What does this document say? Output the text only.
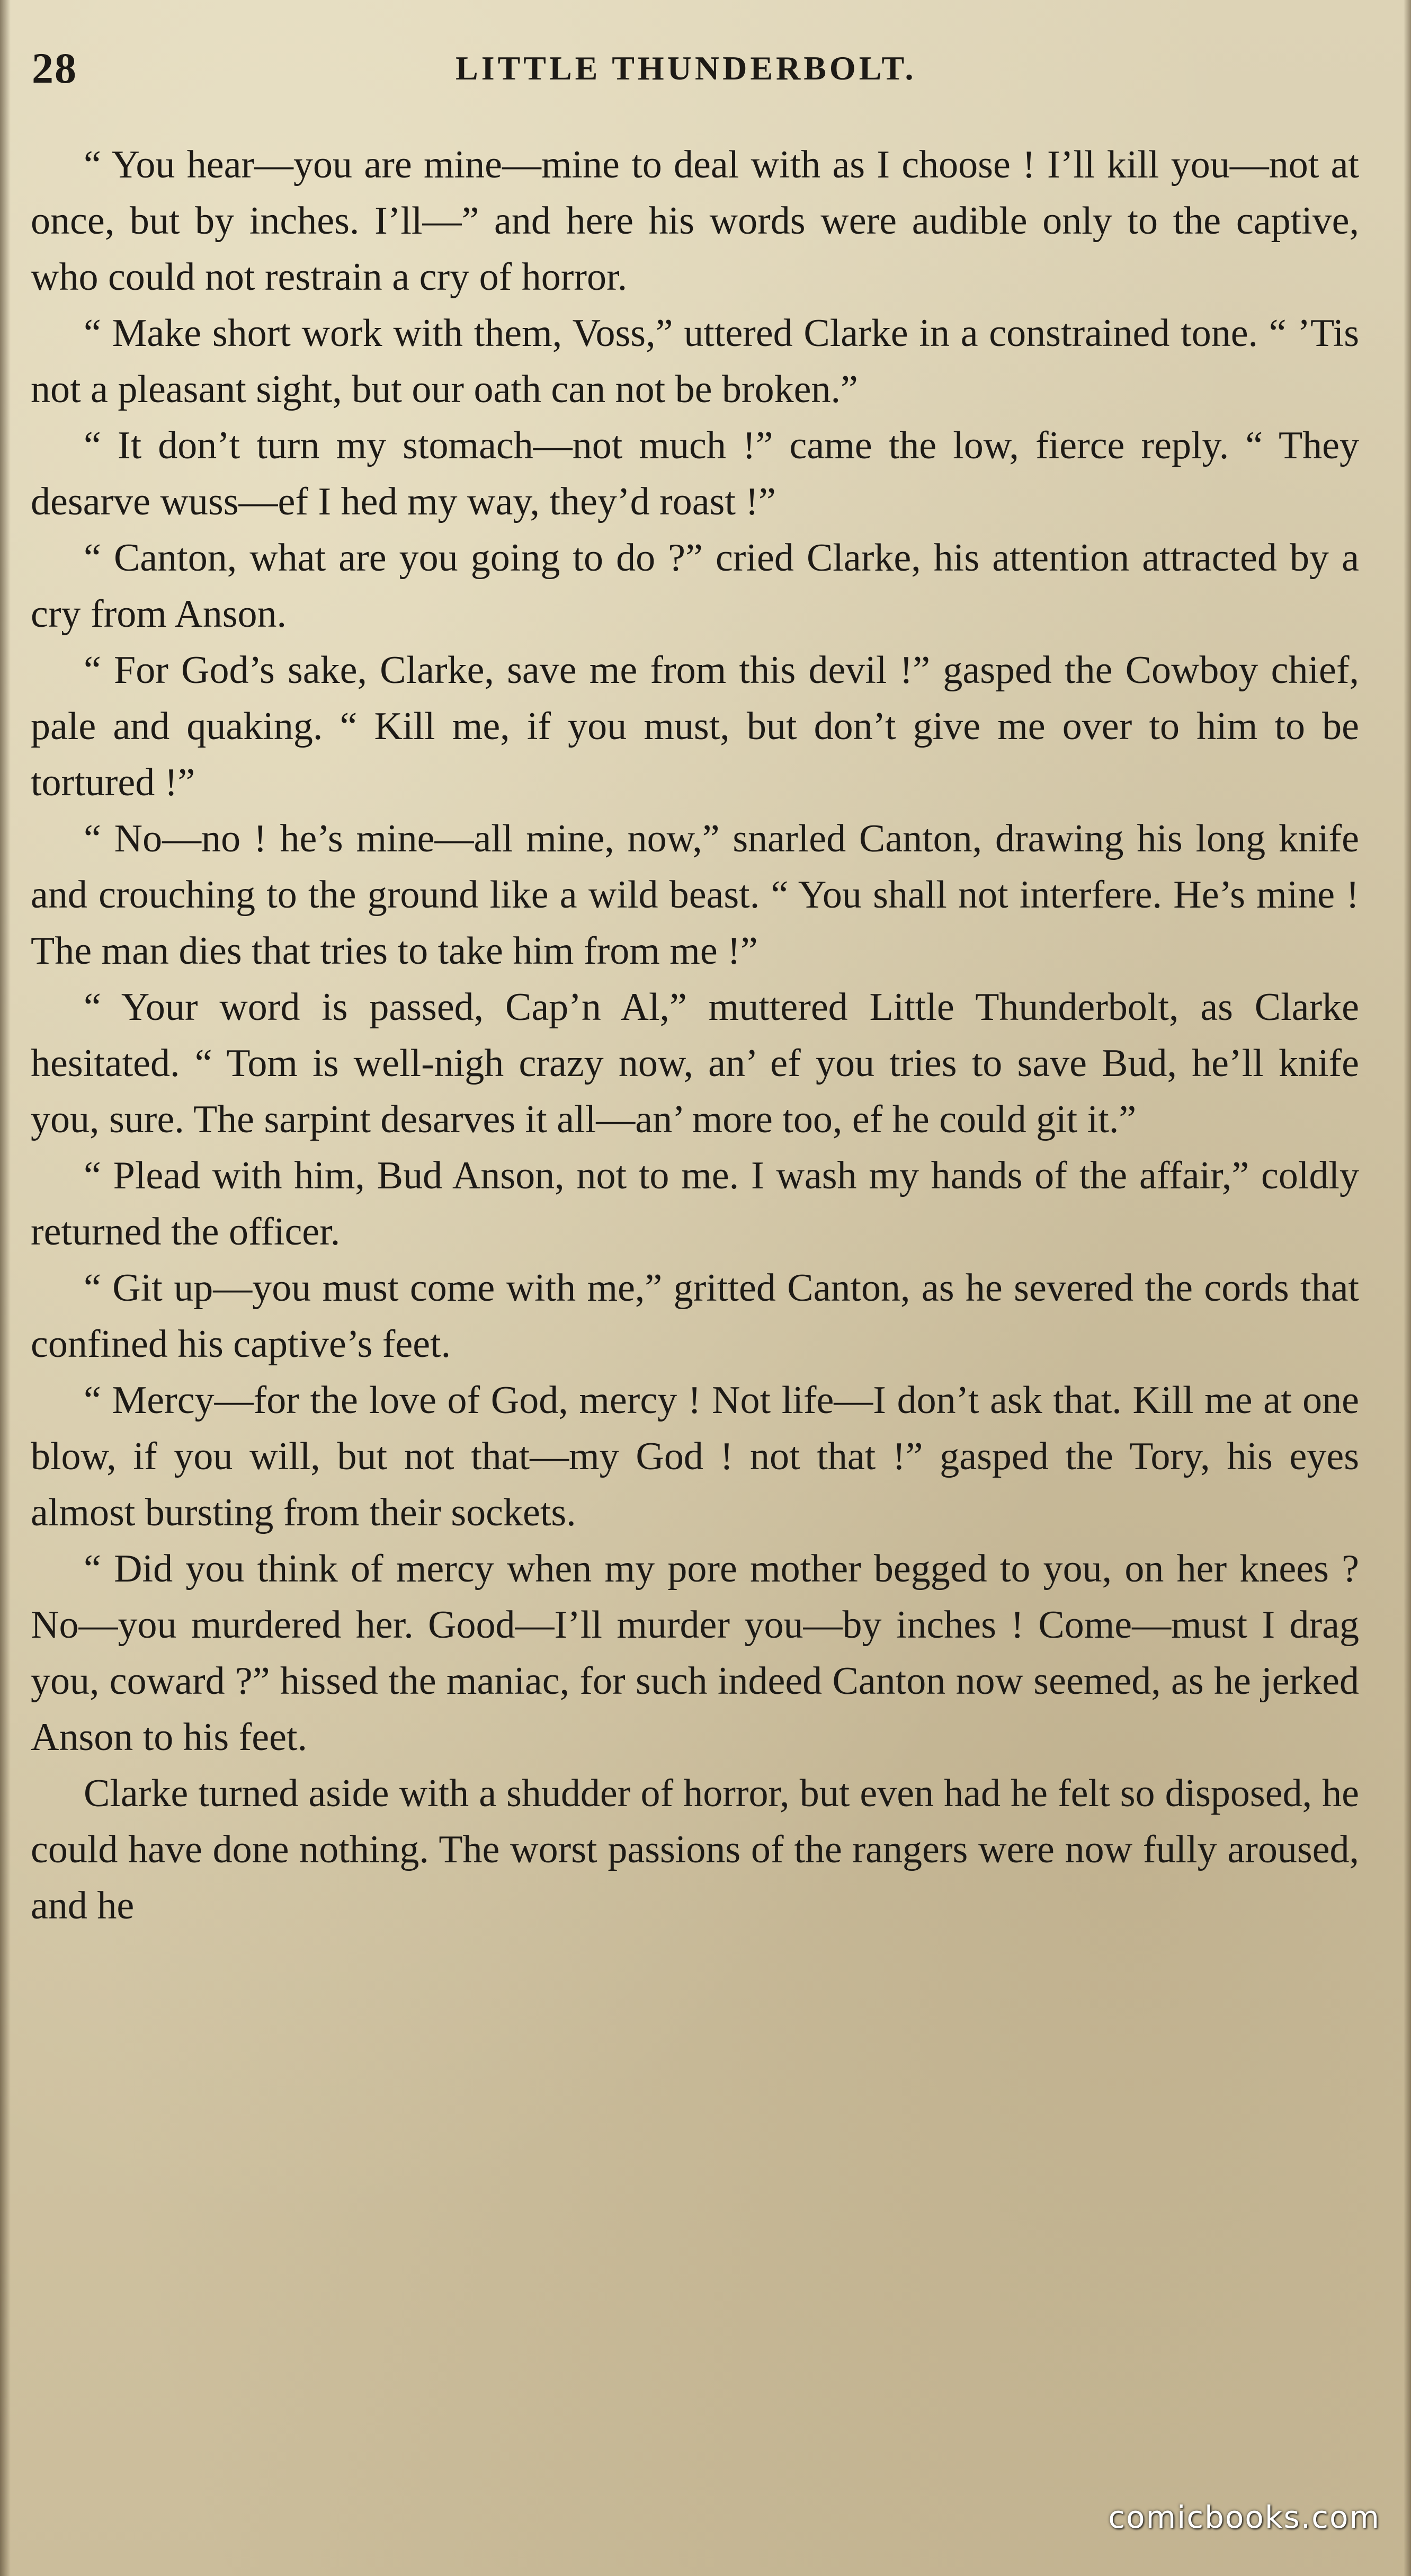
28	LITTLE THUNDERBOLT.

“ You hear—you are mine—mine to deal with as I choose ! I’ll kill you—not at once, but by inches. I’ll—” and here his words were audible only to the captive, who could not restrain a cry of horror.

“ Make short work with them, Voss,” uttered Clarke in a constrained tone. “ ’Tis not a pleasant sight, but our oath can not be broken.”

“ It don’t turn my stomach—not much !” came the low, fierce reply. “ They desarve wuss—ef I hed my way, they’d roast !”

“ Canton, what are you going to do ?” cried Clarke, his attention attracted by a cry from Anson.

“ For God’s sake, Clarke, save me from this devil !” gasped the Cowboy chief, pale and quaking. “ Kill me, if you must, but don’t give me over to him to be tortured !”

“ No—no ! he’s mine—all mine, now,” snarled Canton, drawing his long knife and crouching to the ground like a wild beast. “ You shall not interfere. He’s mine ! The man dies that tries to take him from me !”

“ Your word is passed, Cap’n Al,” muttered Little Thunderbolt, as Clarke hesitated. “ Tom is well-nigh crazy now, an’ ef you tries to save Bud, he’ll knife you, sure. The sarpint desarves it all—an’ more too, ef he could git it.”

“ Plead with him, Bud Anson, not to me. I wash my hands of the affair,” coldly returned the officer.

“ Git up—you must come with me,” gritted Canton, as he severed the cords that confined his captive’s feet.

“ Mercy—for the love of God, mercy ! Not life—I don’t ask that. Kill me at one blow, if you will, but not that—my God ! not that !” gasped the Tory, his eyes almost bursting from their sockets.

“ Did you think of mercy when my pore mother begged to you, on her knees ? No—you murdered her. Good—I’ll murder you—by inches ! Come—must I drag you, coward ?” hissed the maniac, for such indeed Canton now seemed, as he jerked Anson to his feet.

Clarke turned aside with a shudder of horror, but even had he felt so disposed, he could have done nothing. The worst passions of the rangers were now fully aroused, and he

comicbooks.com
